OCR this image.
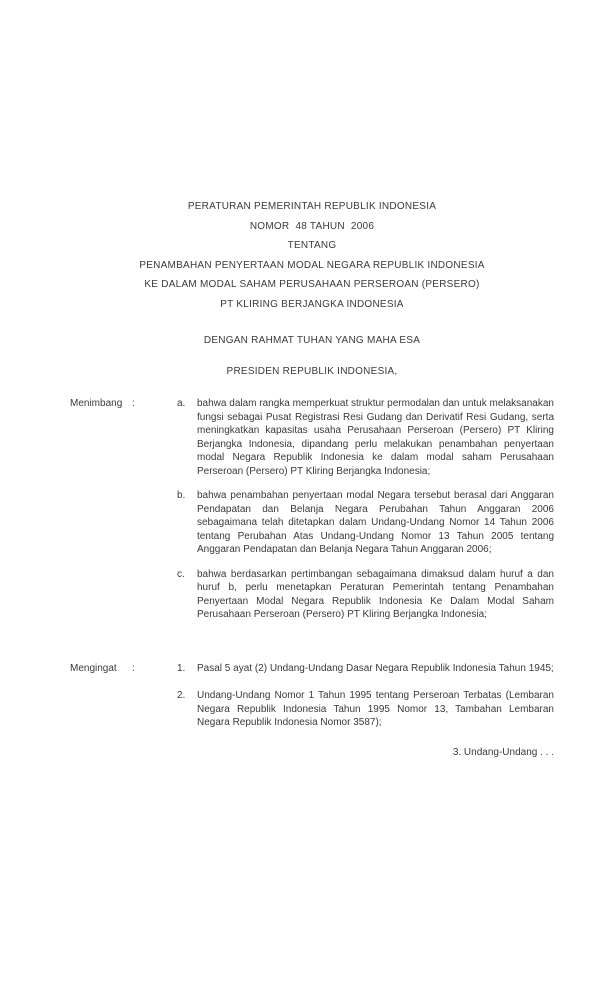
PERATURAN PEMERINTAH REPUBLIK INDONESIA
NOMOR  48 TAHUN  2006
TENTANG
PENAMBAHAN PENYERTAAN MODAL NEGARA REPUBLIK INDONESIA
KE DALAM MODAL SAHAM PERUSAHAAN PERSEROAN (PERSERO)
PT KLIRING BERJANGKA INDONESIA
DENGAN RAHMAT TUHAN YANG MAHA ESA
PRESIDEN REPUBLIK INDONESIA,
Menimbang :	a.	bahwa dalam rangka memperkuat struktur permodalan dan untuk melaksanakan fungsi sebagai Pusat Registrasi Resi Gudang dan Derivatif Resi Gudang, serta meningkatkan kapasitas usaha Perusahaan Perseroan (Persero) PT Kliring Berjangka Indonesia, dipandang perlu melakukan penambahan penyertaan modal Negara Republik Indonesia ke dalam modal saham Perusahaan Perseroan (Persero) PT Kliring Berjangka Indonesia;
b.	bahwa penambahan penyertaan modal Negara tersebut berasal dari Anggaran Pendapatan dan Belanja Negara Perubahan Tahun Anggaran 2006 sebagaimana telah ditetapkan dalam Undang-Undang Nomor 14 Tahun 2006 tentang Perubahan Atas Undang-Undang Nomor 13 Tahun 2005 tentang Anggaran Pendapatan dan Belanja Negara Tahun Anggaran 2006;
c.	bahwa berdasarkan pertimbangan sebagaimana dimaksud dalam huruf a dan huruf b, perlu menetapkan Peraturan Pemerintah tentang Penambahan Penyertaan Modal Negara Republik Indonesia Ke Dalam Modal Saham Perusahaan Perseroan (Persero) PT Kliring Berjangka Indonesia;
Mengingat	:	1.	Pasal 5 ayat (2) Undang-Undang Dasar Negara Republik Indonesia Tahun 1945;
2.	Undang-Undang Nomor 1 Tahun 1995 tentang Perseroan Terbatas (Lembaran Negara Republik Indonesia Tahun 1995 Nomor 13, Tambahan Lembaran Negara Republik Indonesia Nomor 3587);
3. Undang-Undang . . .
